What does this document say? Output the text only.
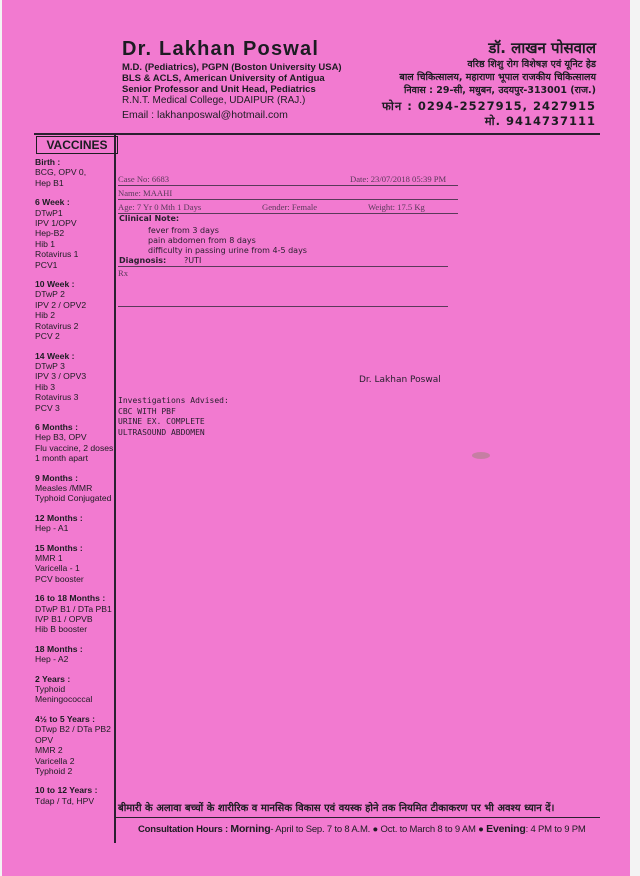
Dr. Lakhan Poswal
M.D. (Pediatrics), PGPN (Boston University USA)
BLS & ACLS, American University of Antigua
Senior Professor and Unit Head, Pediatrics
R.N.T. Medical College, UDAIPUR (RAJ.)
Email : lakhanposwal@hotmail.com
डॉ. लाखन पोसवाल
वरिष्ठ शिशु रोग विशेषज्ञ एवं यूनिट हेड
बाल चिकित्सालय, महाराणा भूपाल राजकीय चिकित्सालय
निवास : 29-सी, मधुबन, उदयपुर-313001 (राज.)
फोन : 0294-2527915, 2427915
मो. 9414737111
VACCINES
Birth :
BCG, OPV 0,
Hep B1
6 Week :
DTwP1
IPV 1/OPV
Hep-B2
Hib 1
Rotavirus 1
PCV1
10 Week :
DTwP 2
IPV 2 / OPV2
Hib 2
Rotavirus 2
PCV 2
14 Week :
DTwP 3
IPV 3 / OPV3
Hib 3
Rotavirus 3
PCV 3
6 Months :
Hep B3, OPV
Flu vaccine, 2 doses
1 month apart
9 Months :
Measles /MMR
Typhoid Conjugated
12 Months :
Hep - A1
15 Months :
MMR 1
Varicella - 1
PCV booster
16 to 18 Months :
DTwP B1 / DTa PB1
IVP B1 / OPVB
Hib B booster
18 Months :
Hep - A2
2 Years :
Typhoid
Meningococcal
4½ to 5 Years :
DTwp B2 / DTa PB2
OPV
MMR 2
Varicella 2
Typhoid 2
10 to 12 Years :
Tdap / Td, HPV
Case No: 6683	Date: 23/07/2018 05:39 PM
Name: MAAHI
Age: 7 Yr 0 Mth 1 Days	Gender: Female	Weight: 17.5 Kg
Clinical Note:
fever from 3 days
pain abdomen from 8 days
difficulty in passing urine from 4-5 days
Diagnosis: ?UTI
Rx
Dr. Lakhan Poswal
Investigations Advised:
CBC WITH PBF
URINE EX. COMPLETE
ULTRASOUND ABDOMEN
बीमारी के अलावा बच्चों के शारीरिक व मानसिक विकास एवं वयस्क होने तक नियमित टीकाकरण पर भी अवश्य ध्यान दें।
Consultation Hours : Morning- April to Sep. 7 to 8 A.M. ● Oct. to March 8 to 9 AM ● Evening: 4 PM to 9 PM
